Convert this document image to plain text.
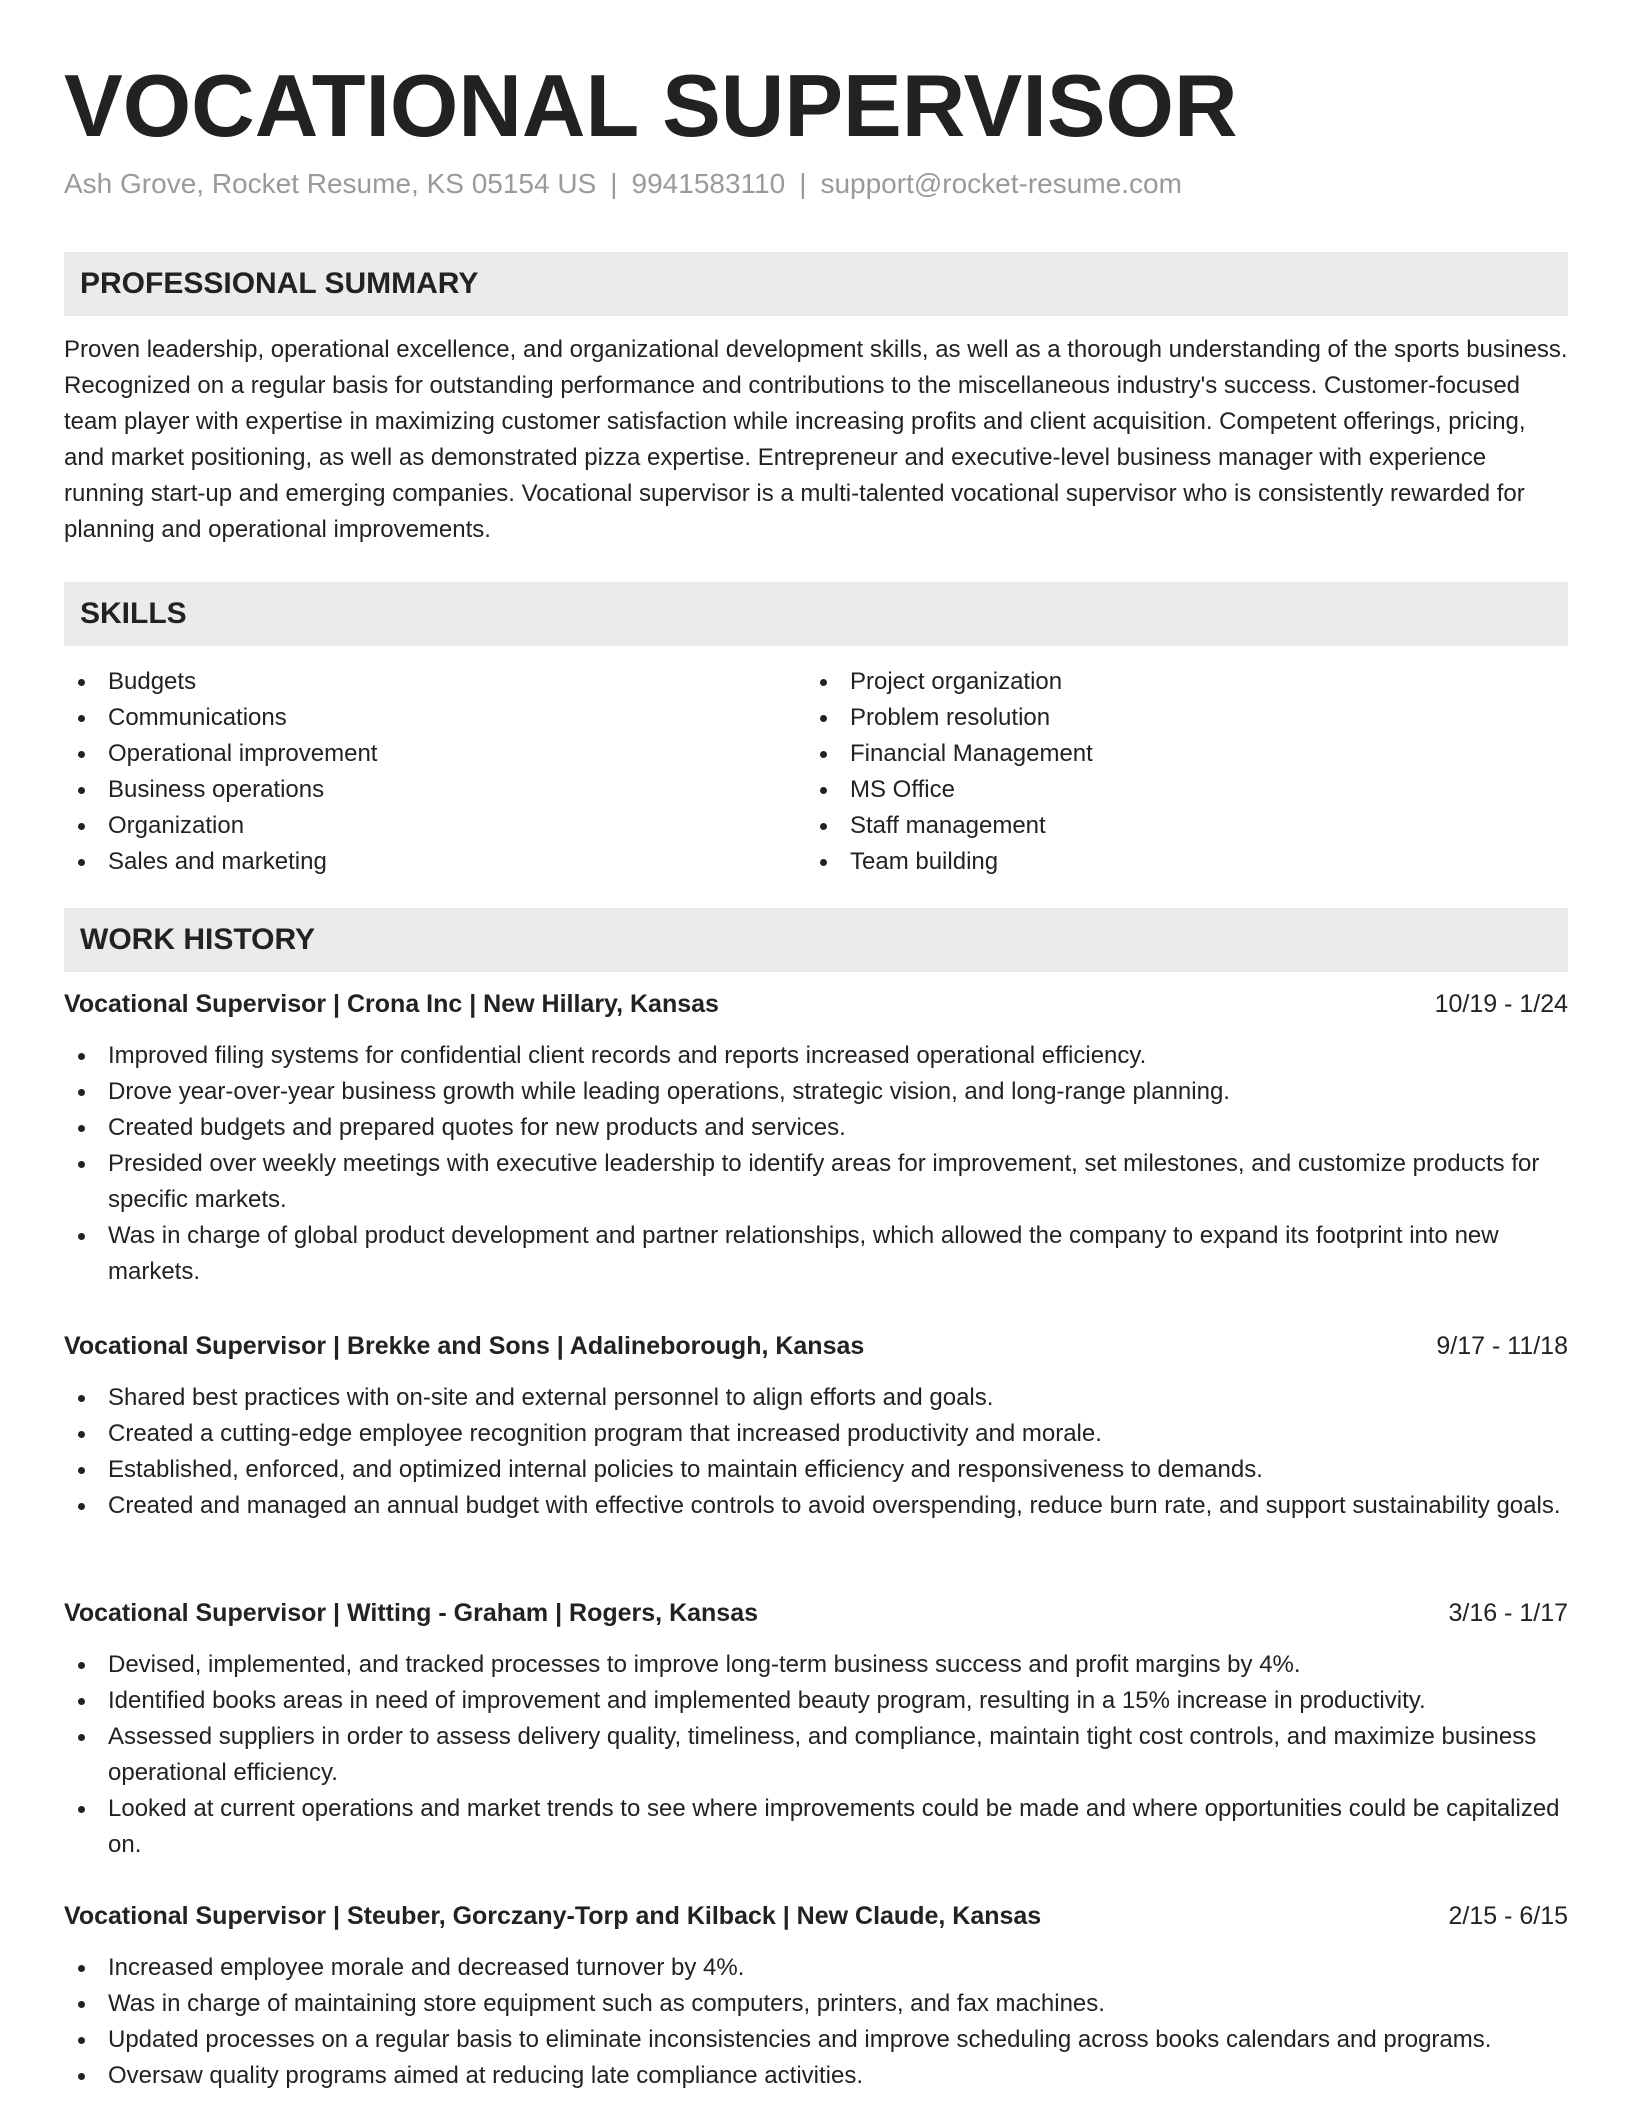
VOCATIONAL SUPERVISOR
Ash Grove, Rocket Resume, KS 05154 US | 9941583110 | support@rocket-resume.com
PROFESSIONAL SUMMARY

Proven leadership, operational excellence, and organizational development skills, as well as a thorough understanding of the sports business. Recognized on a regular basis for outstanding performance and contributions to the miscellaneous industry's success. Customer-focused team player with expertise in maximizing customer satisfaction while increasing profits and client acquisition. Competent offerings, pricing, and market positioning, as well as demonstrated pizza expertise. Entrepreneur and executive-level business manager with experience running start-up and emerging companies. Vocational supervisor is a multi-talented vocational supervisor who is consistently rewarded for planning and operational improvements.

SKILLS
Budgets
Communications
Operational improvement
Business operations
Organization
Sales and marketing
Project organization
Problem resolution
Financial Management
MS Office
Staff management
Team building
WORK HISTORY
Vocational Supervisor | Crona Inc | New Hillary, Kansas	10/19 - 1/24
Improved filing systems for confidential client records and reports increased operational efficiency.
Drove year-over-year business growth while leading operations, strategic vision, and long-range planning.
Created budgets and prepared quotes for new products and services.
Presided over weekly meetings with executive leadership to identify areas for improvement, set milestones, and customize products for specific markets.
Was in charge of global product development and partner relationships, which allowed the company to expand its footprint into new markets.
Vocational Supervisor | Brekke and Sons | Adalineborough, Kansas	9/17 - 11/18
Shared best practices with on-site and external personnel to align efforts and goals.
Created a cutting-edge employee recognition program that increased productivity and morale.
Established, enforced, and optimized internal policies to maintain efficiency and responsiveness to demands.
Created and managed an annual budget with effective controls to avoid overspending, reduce burn rate, and support sustainability goals.
Vocational Supervisor | Witting - Graham | Rogers, Kansas	3/16 - 1/17
Devised, implemented, and tracked processes to improve long-term business success and profit margins by 4%.
Identified books areas in need of improvement and implemented beauty program, resulting in a 15% increase in productivity.
Assessed suppliers in order to assess delivery quality, timeliness, and compliance, maintain tight cost controls, and maximize business operational efficiency.
Looked at current operations and market trends to see where improvements could be made and where opportunities could be capitalized on.
Vocational Supervisor | Steuber, Gorczany-Torp and Kilback | New Claude, Kansas	2/15 - 6/15
Increased employee morale and decreased turnover by 4%.
Was in charge of maintaining store equipment such as computers, printers, and fax machines.
Updated processes on a regular basis to eliminate inconsistencies and improve scheduling across books calendars and programs.
Oversaw quality programs aimed at reducing late compliance activities.
